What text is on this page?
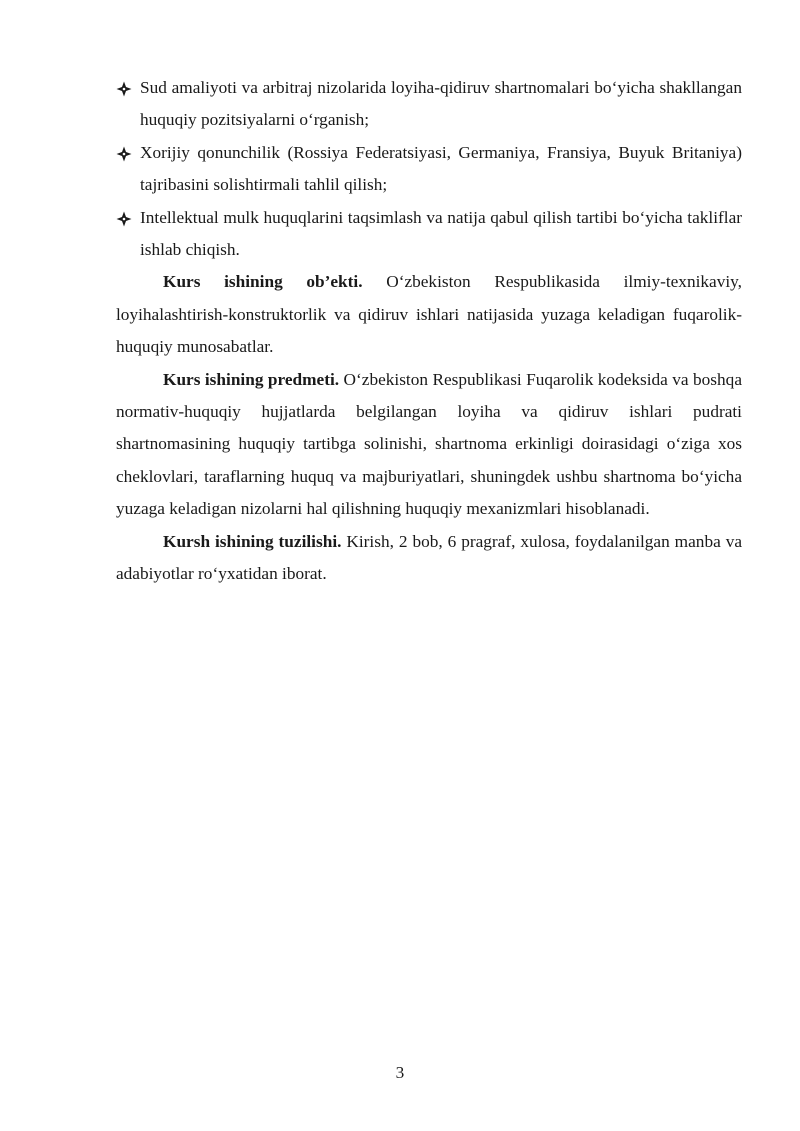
Sud amaliyoti va arbitraj nizolarida loyiha-qidiruv shartnomalari bo‘yicha shakllangan huquqiy pozitsiyalarni o‘rganish;
Xorijiy qonunchilik (Rossiya Federatsiyasi, Germaniya, Fransiya, Buyuk Britaniya) tajribasini solishtirmali tahlil qilish;
Intellektual mulk huquqlarini taqsimlash va natija qabul qilish tartibi bo‘yicha takliflar ishlab chiqish.

Kurs ishining ob’ekti. O‘zbekiston Respublikasida ilmiy-texnikaviy, loyihalashtirish-konstruktorlik va qidiruv ishlari natijasida yuzaga keladigan fuqarolik-huquqiy munosabatlar.

Kurs ishining predmeti. O‘zbekiston Respublikasi Fuqarolik kodeksida va boshqa normativ-huquqiy hujjatlarda belgilangan loyiha va qidiruv ishlari pudrati shartnomasining huquqiy tartibga solinishi, shartnoma erkinligi doirasidagi o‘ziga xos cheklovlari, taraflarning huquq va majburiyatlari, shuningdek ushbu shartnoma bo‘yicha yuzaga keladigan nizolarni hal qilishning huquqiy mexanizmlari hisoblanadi.

Kursh ishining tuzilishi. Kirish, 2 bob, 6 pragraf, xulosa, foydalanilgan manba va adabiyotlar ro‘yxatidan iborat.

3
